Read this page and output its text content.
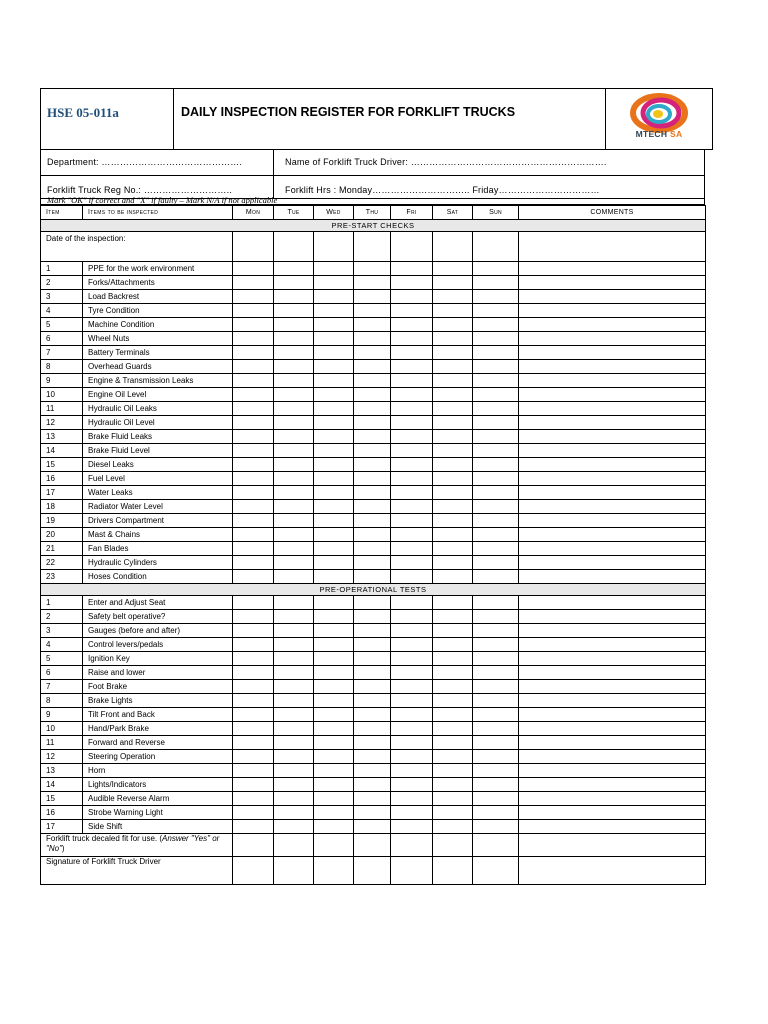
HSE 05-011a	DAILY INSPECTION REGISTER FOR FORKLIFT TRUCKS
MTECH SA
Department: ……………………………………….	Name of Forklift Truck Driver: ……………………………………………………….
Forklift Truck Reg No.: ………………………..	Forklift Hrs : Monday………………………….. Friday……………………………
Mark "OK" if correct and "X" if faulty – Mark N/A if not applicable
Item	Items to be inspected	Mon	Tue	Wed	Thu	Fri	Sat	Sun	COMMENTS
PRE-START CHECKS									
Date of the inspection:									
1	PPE for the work environment								
2	Forks/Attachments								
3	Load Backrest								
4	Tyre Condition								
5	Machine Condition								
6	Wheel Nuts								
7	Battery Terminals								
8	Overhead Guards								
9	Engine & Transmission Leaks								
10	Engine Oil Level								
11	Hydraulic Oil Leaks								
12	Hydraulic Oil Level								
13	Brake Fluid Leaks								
14	Brake Fluid Level								
15	Diesel Leaks								
16	Fuel Level								
17	Water Leaks								
18	Radiator Water Level								
19	Drivers Compartment								
20	Mast & Chains								
21	Fan Blades								
22	Hydraulic Cylinders								
23	Hoses Condition								
PRE-OPERATIONAL TESTS									
1	Enter and Adjust Seat								
2	Safety belt operative?								
3	Gauges (before and after)								
4	Control levers/pedals								
5	Ignition Key								
6	Raise and lower								
7	Foot Brake								
8	Brake Lights								
9	Tilt Front and Back								
10	Hand/Park Brake								
11	Forward and Reverse								
12	Steering Operation								
13	Horn								
14	Lights/Indicators								
15	Audible Reverse Alarm								
16	Strobe Warning Light								
17	Side Shift								
Forklift truck decaled fit for use. (Answer "Yes" or "No")									
Signature of Forklift Truck Driver									
